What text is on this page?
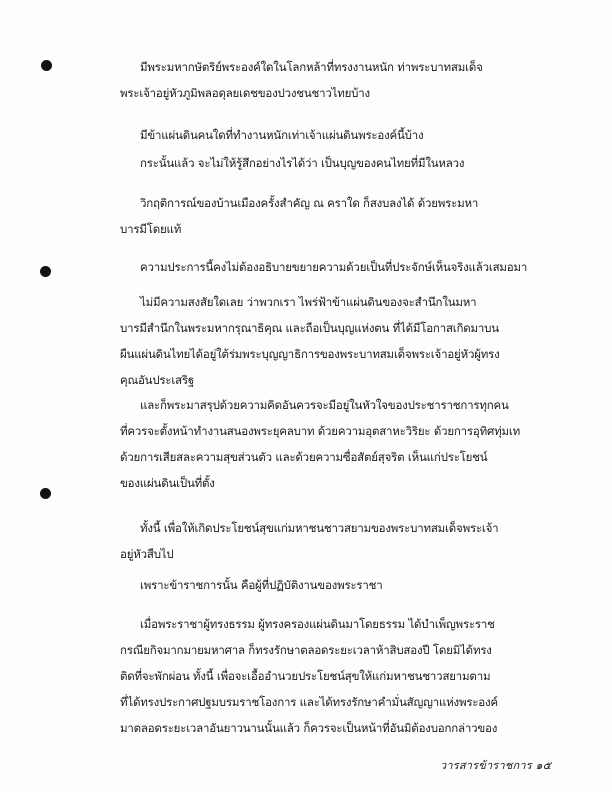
มีพระมหากษัตริย์พระองค์ใดในโลกหล้าที่ทรงงานหนัก ท่าพระบาทสมเด็จ
พระเจ้าอยู่หัวภูมิพลอดุลยเดชของปวงชนชาวไทยบ้าง
มีข้าแผ่นดินคนใดที่ทำงานหนักเท่าเจ้าแผ่นดินพระองค์นี้บ้าง
กระนั้นแล้ว จะไม่ให้รู้สึกอย่างไรได้ว่า เป็นบุญของคนไทยที่มีในหลวง
วิกฤติการณ์ของบ้านเมืองครั้งสำคัญ ณ คราใด ก็สงบลงได้ ด้วยพระมหา
บารมีโดยแท้
ความประการนี้คงไม่ต้องอธิบายขยายความด้วยเป็นที่ประจักษ์เห็นจริงแล้วเสมอมา
ไม่มีความสงสัยใดเลย ว่าพวกเรา ไพร่ฟ้าข้าแผ่นดินของจะสำนึกในมหา
บารมีสำนึกในพระมหากรุณาธิคุณ และถือเป็นบุญแห่งตน ที่ได้มีโอกาสเกิดมาบน
ผืนแผ่นดินไทยได้อยู่ใต้ร่มพระบุญญาธิการของพระบาทสมเด็จพระเจ้าอยู่หัวผู้ทรง
คุณอันประเสริฐ
และก็พระมาสรุปด้วยความคิดอันควรจะมีอยู่ในหัวใจของประชาราชการทุกคน
ที่ควรจะตั้งหน้าทำงานสนองพระยุคลบาท ด้วยความอุตสาหะวิริยะ ด้วยการอุทิศทุ่มเท
ด้วยการเสียสละความสุขส่วนตัว และด้วยความซื่อสัตย์สุจริต เห็นแก่ประโยชน์
ของแผ่นดินเป็นที่ตั้ง
ทั้งนี้ เพื่อให้เกิดประโยชน์สุขแก่มหาชนชาวสยามของพระบาทสมเด็จพระเจ้า
อยู่หัวสืบไป
เพราะข้าราชการนั้น คือผู้ที่ปฏิบัติงานของพระราชา
เมื่อพระราชาผู้ทรงธรรม ผู้ทรงครองแผ่นดินมาโดยธรรม ได้บำเพ็ญพระราช
กรณียกิจมากมายมหาศาล ก็ทรงรักษาตลอดระยะเวลาห้าสิบสองปี โดยมิได้ทรง
ติดที่จะพักผ่อน ทั้งนี้ เพื่อจะเอื้ออำนวยประโยชน์สุขให้แก่มหาชนชาวสยามตาม
ที่ได้ทรงประกาศปฐมบรมราชโองการ และได้ทรงรักษาคำมั่นสัญญาแห่งพระองค์
มาตลอดระยะเวลาอันยาวนานนั้นแล้ว ก็ควรจะเป็นหน้าที่อันมิต้องบอกกล่าวของ
วารสารข้าราชการ ๑๕
